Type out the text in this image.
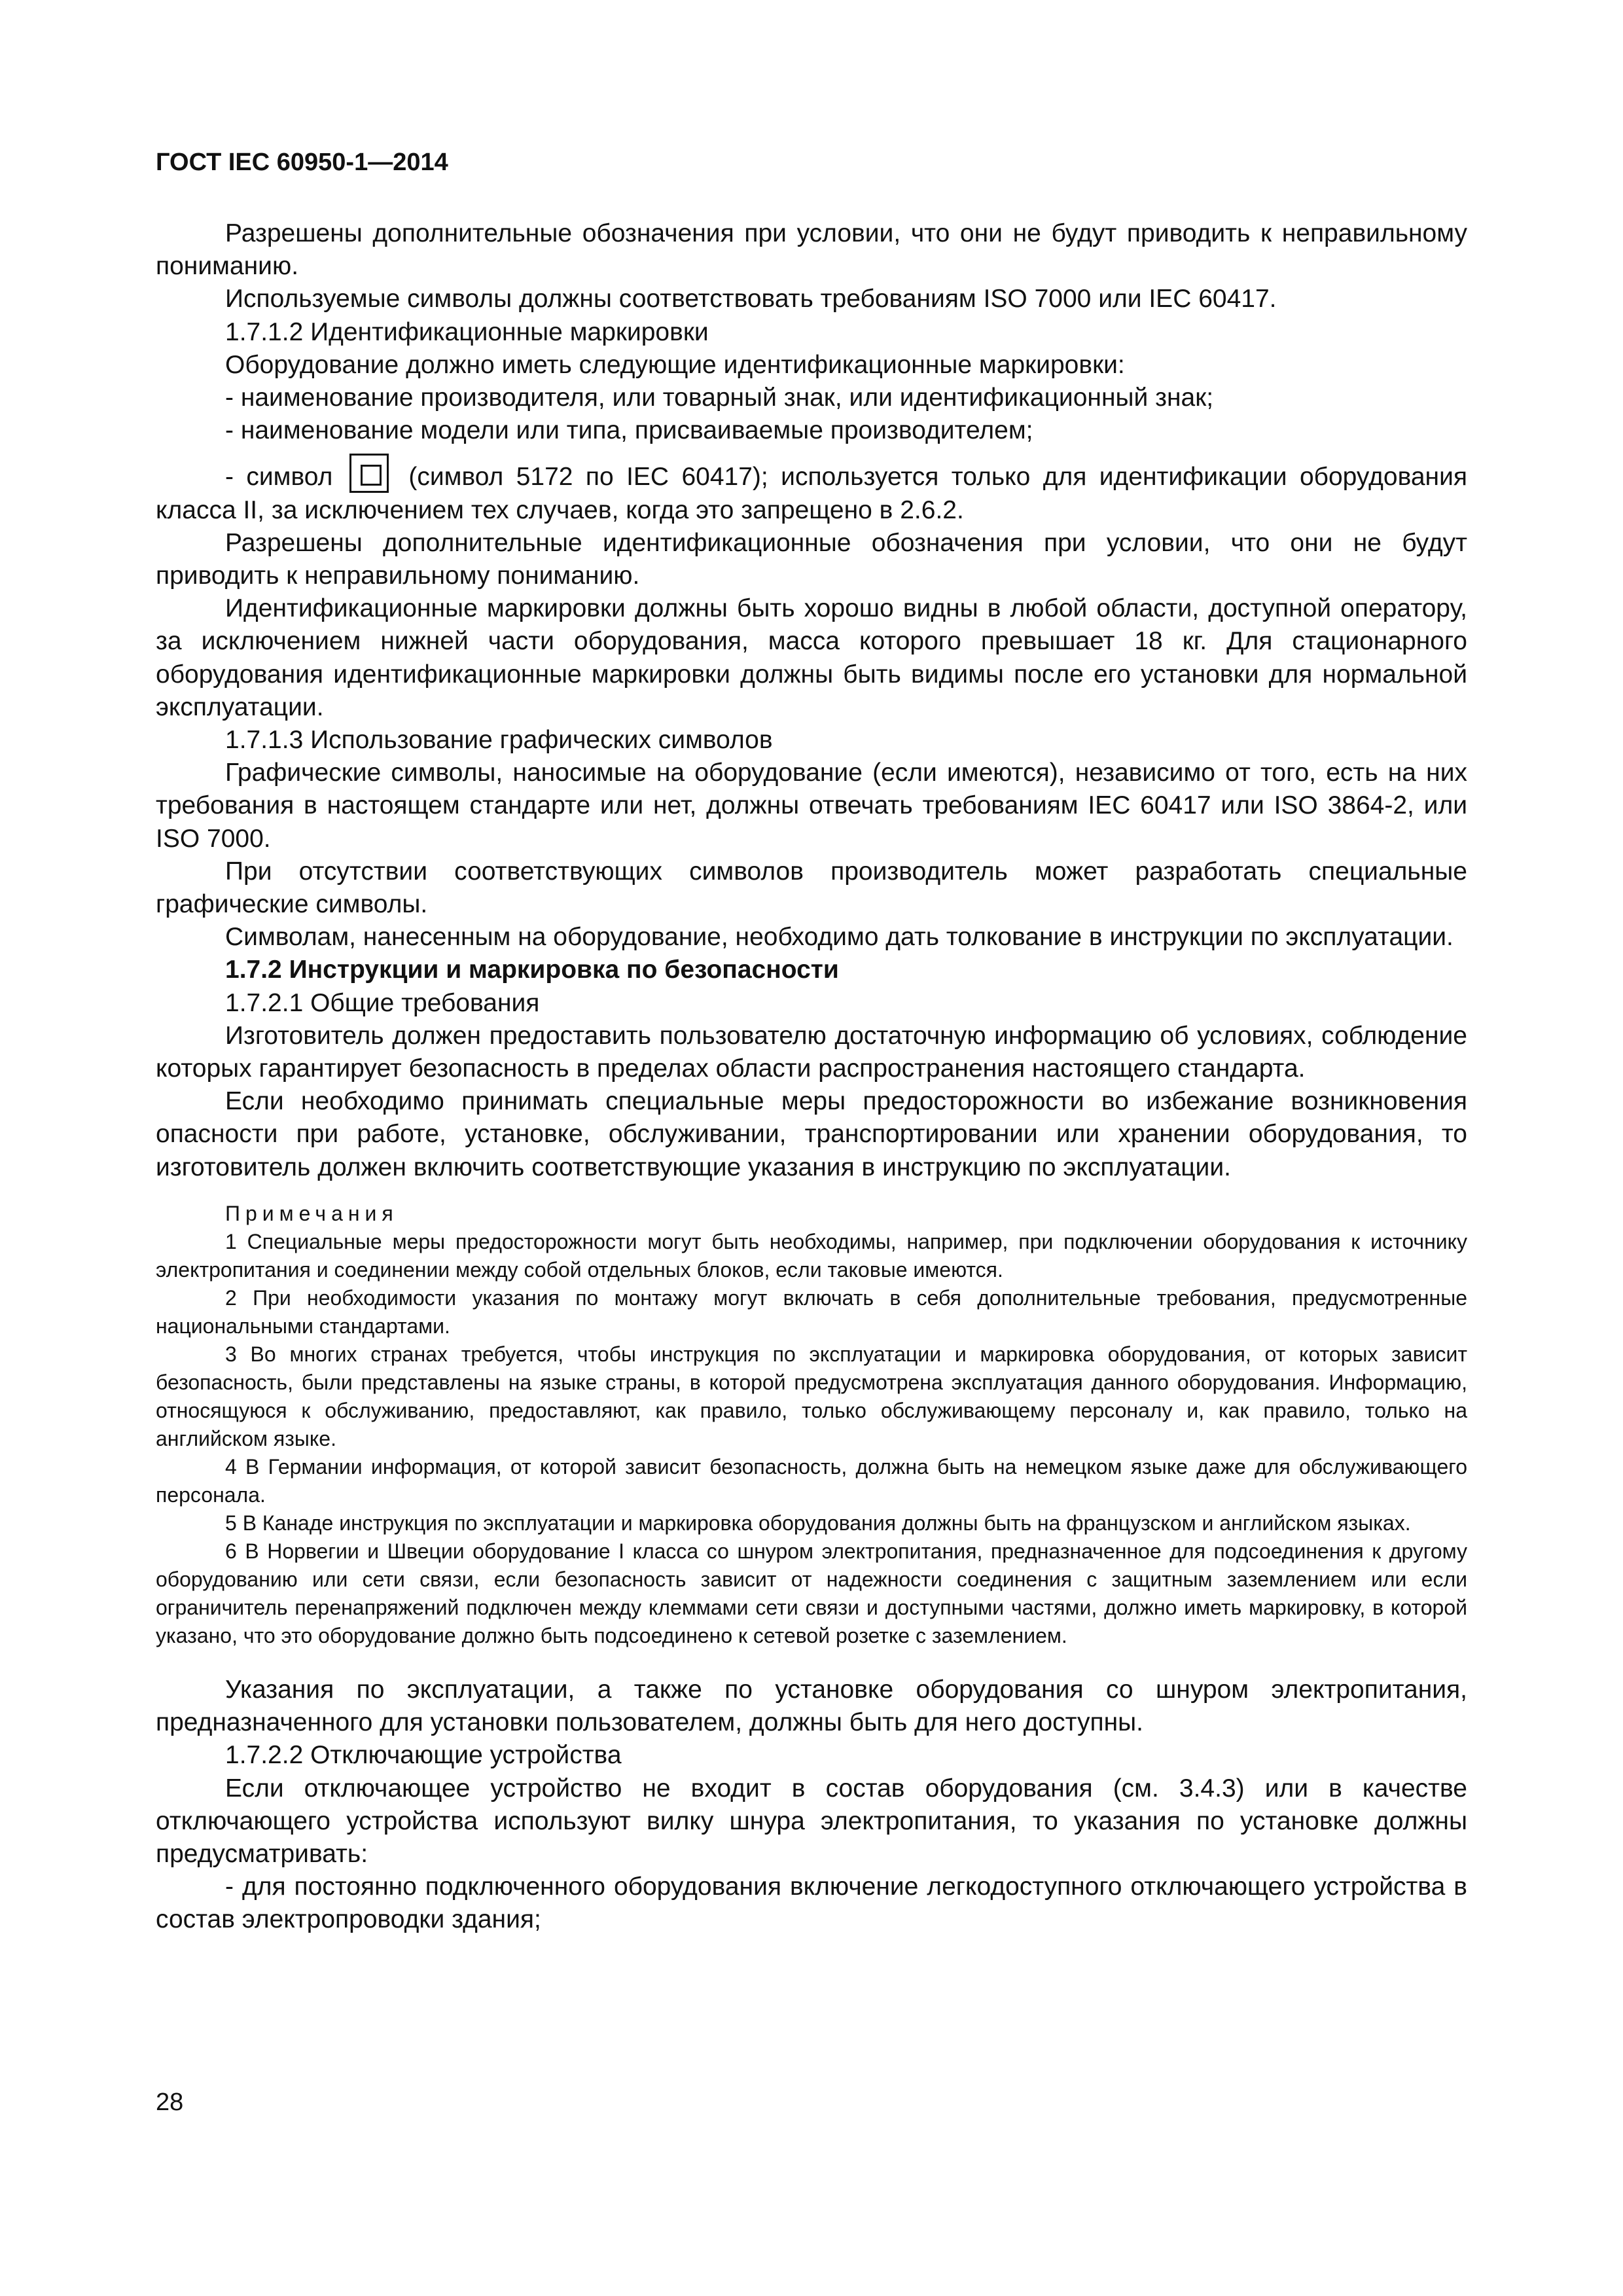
ГОСТ IEC 60950-1—2014

Разрешены дополнительные обозначения при условии, что они не будут приводить к неправильному пониманию.

Используемые символы должны соответствовать требованиям ISO 7000 или IEC 60417.

1.7.1.2 Идентификационные маркировки

Оборудование должно иметь следующие идентификационные маркировки:

- наименование производителя, или товарный знак, или идентификационный знак;

- наименование модели или типа, присваиваемые производителем;

- символ	(символ 5172 по IEC 60417); используется только для идентификации оборудования класса II, за исключением тех случаев, когда это запрещено в 2.6.2.

Разрешены дополнительные идентификационные обозначения при условии, что они не будут приводить к неправильному пониманию.

Идентификационные маркировки должны быть хорошо видны в любой области, доступной оператору, за исключением нижней части оборудования, масса которого превышает 18 кг. Для стационарного оборудования идентификационные маркировки должны быть видимы после его установки для нормальной эксплуатации.

1.7.1.3 Использование графических символов

Графические символы, наносимые на оборудование (если имеются), независимо от того, есть на них требования в настоящем стандарте или нет, должны отвечать требованиям IEC 60417 или ISO 3864-2, или ISO 7000.

При отсутствии соответствующих символов производитель может разработать специальные графические символы.

Символам, нанесенным на оборудование, необходимо дать толкование в инструкции по эксплуатации.

1.7.2 Инструкции и маркировка по безопасности

1.7.2.1 Общие требования

Изготовитель должен предоставить пользователю достаточную информацию об условиях, соблюдение которых гарантирует безопасность в пределах области распространения настоящего стандарта.

Если необходимо принимать специальные меры предосторожности во избежание возникновения опасности при работе, установке, обслуживании, транспортировании или хранении оборудования, то изготовитель должен включить соответствующие указания в инструкцию по эксплуатации.

Примечания

1 Специальные меры предосторожности могут быть необходимы, например, при подключении оборудования к источнику электропитания и соединении между собой отдельных блоков, если таковые имеются.

2 При необходимости указания по монтажу могут включать в себя дополнительные требования, предусмотренные национальными стандартами.

3 Во многих странах требуется, чтобы инструкция по эксплуатации и маркировка оборудования, от которых зависит безопасность, были представлены на языке страны, в которой предусмотрена эксплуатация данного оборудования. Информацию, относящуюся к обслуживанию, предоставляют, как правило, только обслуживающему персоналу и, как правило, только на английском языке.

4 В Германии информация, от которой зависит безопасность, должна быть на немецком языке даже для обслуживающего персонала.

5 В Канаде инструкция по эксплуатации и маркировка оборудования должны быть на французском и английском языках.

6 В Норвегии и Швеции оборудование I класса со шнуром электропитания, предназначенное для подсоединения к другому оборудованию или сети связи, если безопасность зависит от надежности соединения с защитным заземлением или если ограничитель перенапряжений подключен между клеммами сети связи и доступными частями, должно иметь маркировку, в которой указано, что это оборудование должно быть подсоединено к сетевой розетке с заземлением.

Указания по эксплуатации, а также по установке оборудования со шнуром электропитания, предназначенного для установки пользователем, должны быть для него доступны.

1.7.2.2 Отключающие устройства

Если отключающее устройство не входит в состав оборудования (см. 3.4.3) или в качестве отключающего устройства используют вилку шнура электропитания, то указания по установке должны предусматривать:

- для постоянно подключенного оборудования включение легкодоступного отключающего устройства в состав электропроводки здания;

28
